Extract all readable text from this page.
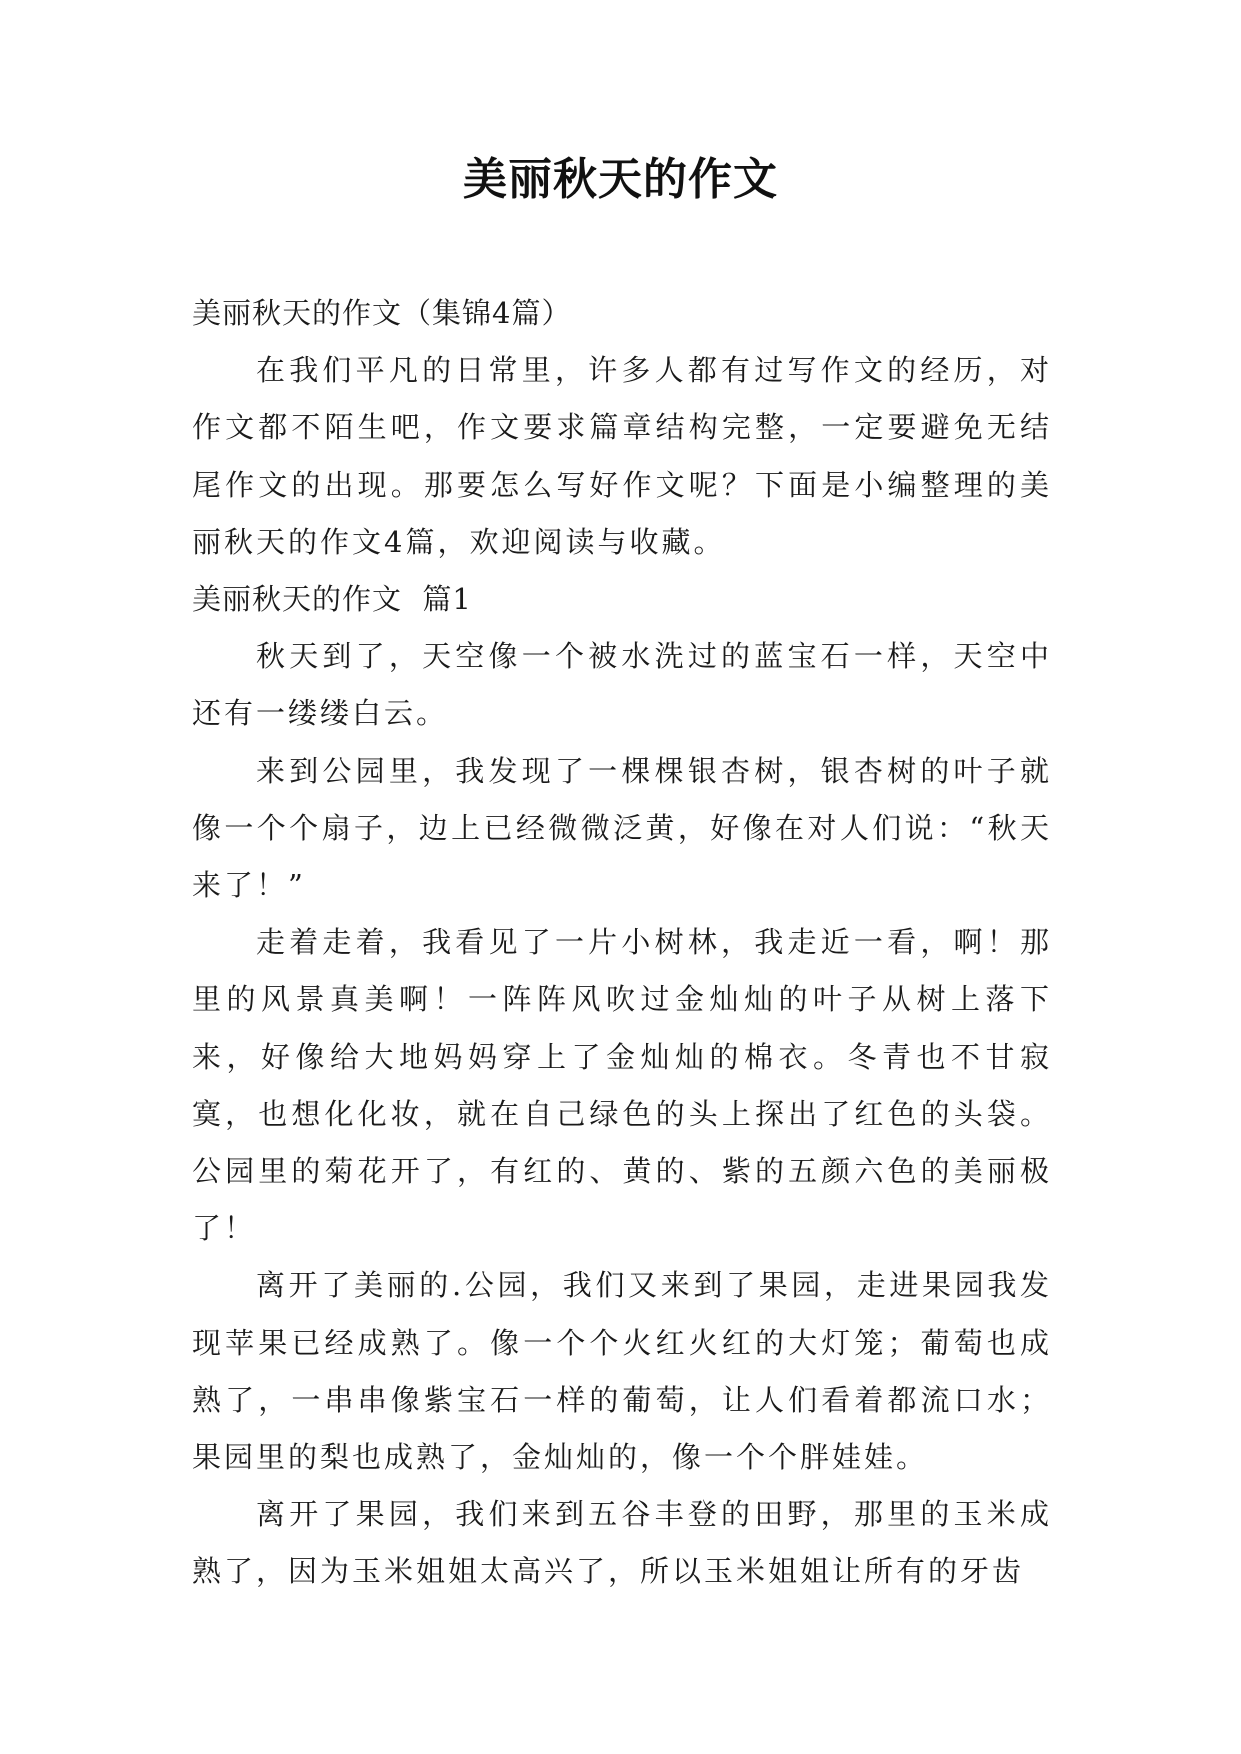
美丽秋天的作文

美丽秋天的作文（集锦4篇）

在我们平凡的日常里，许多人都有过写作文的经历，对作文都不陌生吧，作文要求篇章结构完整，一定要避免无结尾作文的出现。那要怎么写好作文呢？下面是小编整理的美丽秋天的作文4篇，欢迎阅读与收藏。

美丽秋天的作文  篇1

秋天到了，天空像一个被水洗过的蓝宝石一样，天空中还有一缕缕白云。

来到公园里，我发现了一棵棵银杏树，银杏树的叶子就像一个个扇子，边上已经微微泛黄，好像在对人们说：“秋天来了！”

走着走着，我看见了一片小树林，我走近一看，啊！那里的风景真美啊！一阵阵风吹过金灿灿的叶子从树上落下来，好像给大地妈妈穿上了金灿灿的棉衣。冬青也不甘寂寞，也想化化妆，就在自己绿色的头上探出了红色的头袋。公园里的菊花开了，有红的、黄的、紫的五颜六色的美丽极了！

离开了美丽的.公园，我们又来到了果园，走进果园我发现苹果已经成熟了。像一个个火红火红的大灯笼；葡萄也成熟了，一串串像紫宝石一样的葡萄，让人们看着都流口水；果园里的梨也成熟了，金灿灿的，像一个个胖娃娃。

离开了果园，我们来到五谷丰登的田野，那里的玉米成熟了，因为玉米姐姐太高兴了，所以玉米姐姐让所有的牙齿
